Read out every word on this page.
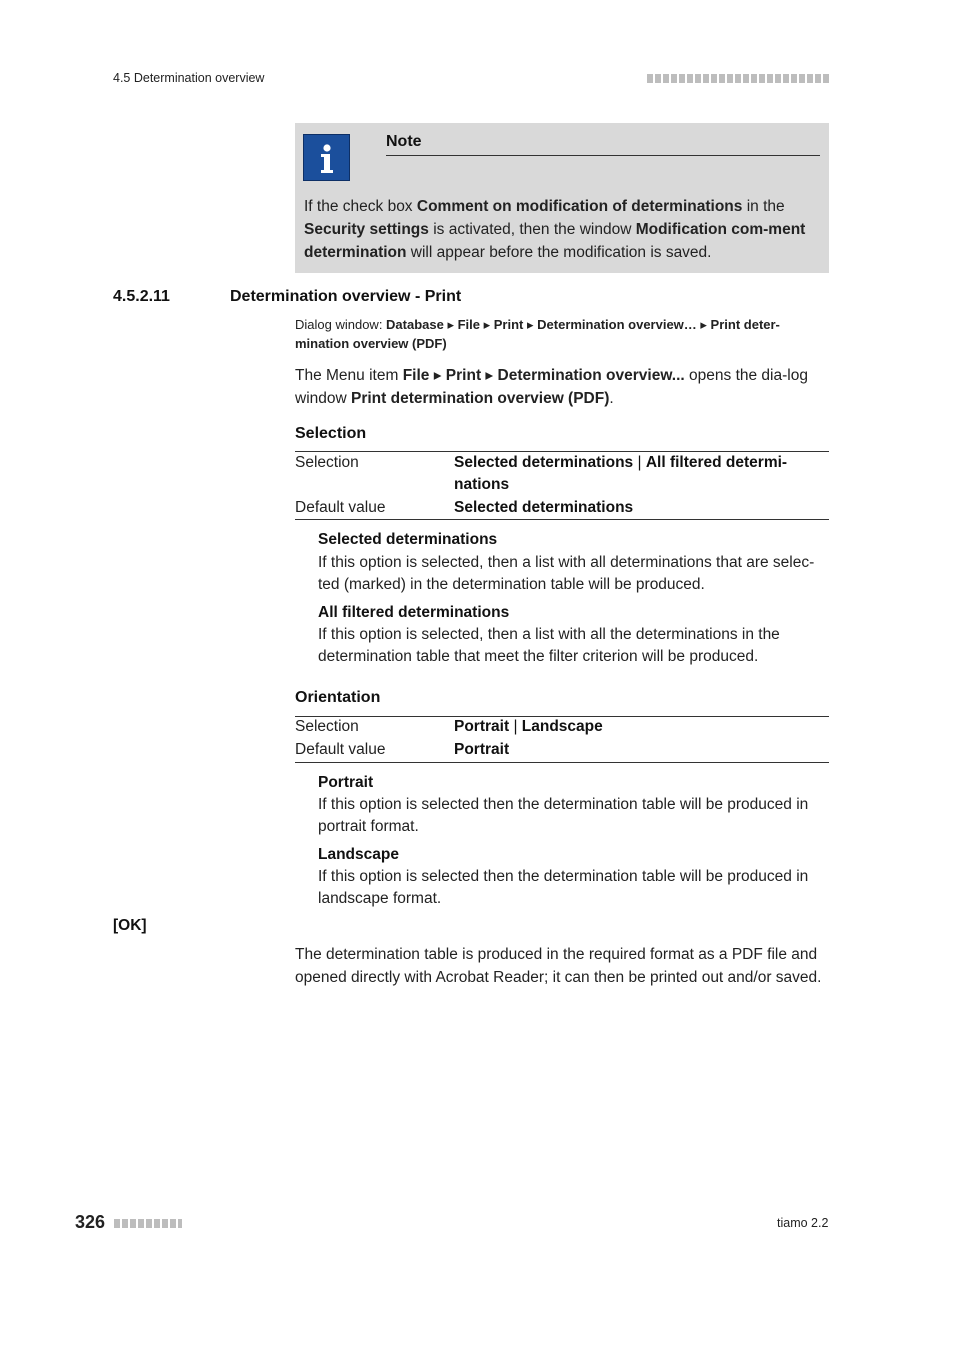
4.5 Determination overview
Note
If the check box Comment on modification of determinations in the Security settings is activated, then the window Modification com-ment determination will appear before the modification is saved.
4.5.2.11	Determination overview - Print
Dialog window: Database ▸ File ▸ Print ▸ Determination overview… ▸ Print deter-mination overview (PDF)
The Menu item File ▸ Print ▸ Determination overview... opens the dia-log window Print determination overview (PDF).
Selection
Selection	Selected determinations | All filtered determi-nations
Default value	Selected determinations
Selected determinations
If this option is selected, then a list with all determinations that are selec-ted (marked) in the determination table will be produced.
All filtered determinations
If this option is selected, then a list with all the determinations in the determination table that meet the filter criterion will be produced.
Orientation
Selection	Portrait | Landscape
Default value	Portrait
Portrait
If this option is selected then the determination table will be produced in portrait format.
Landscape
If this option is selected then the determination table will be produced in landscape format.
[OK]
The determination table is produced in the required format as a PDF file and opened directly with Acrobat Reader; it can then be printed out and/or saved.
326	tiamo 2.2
